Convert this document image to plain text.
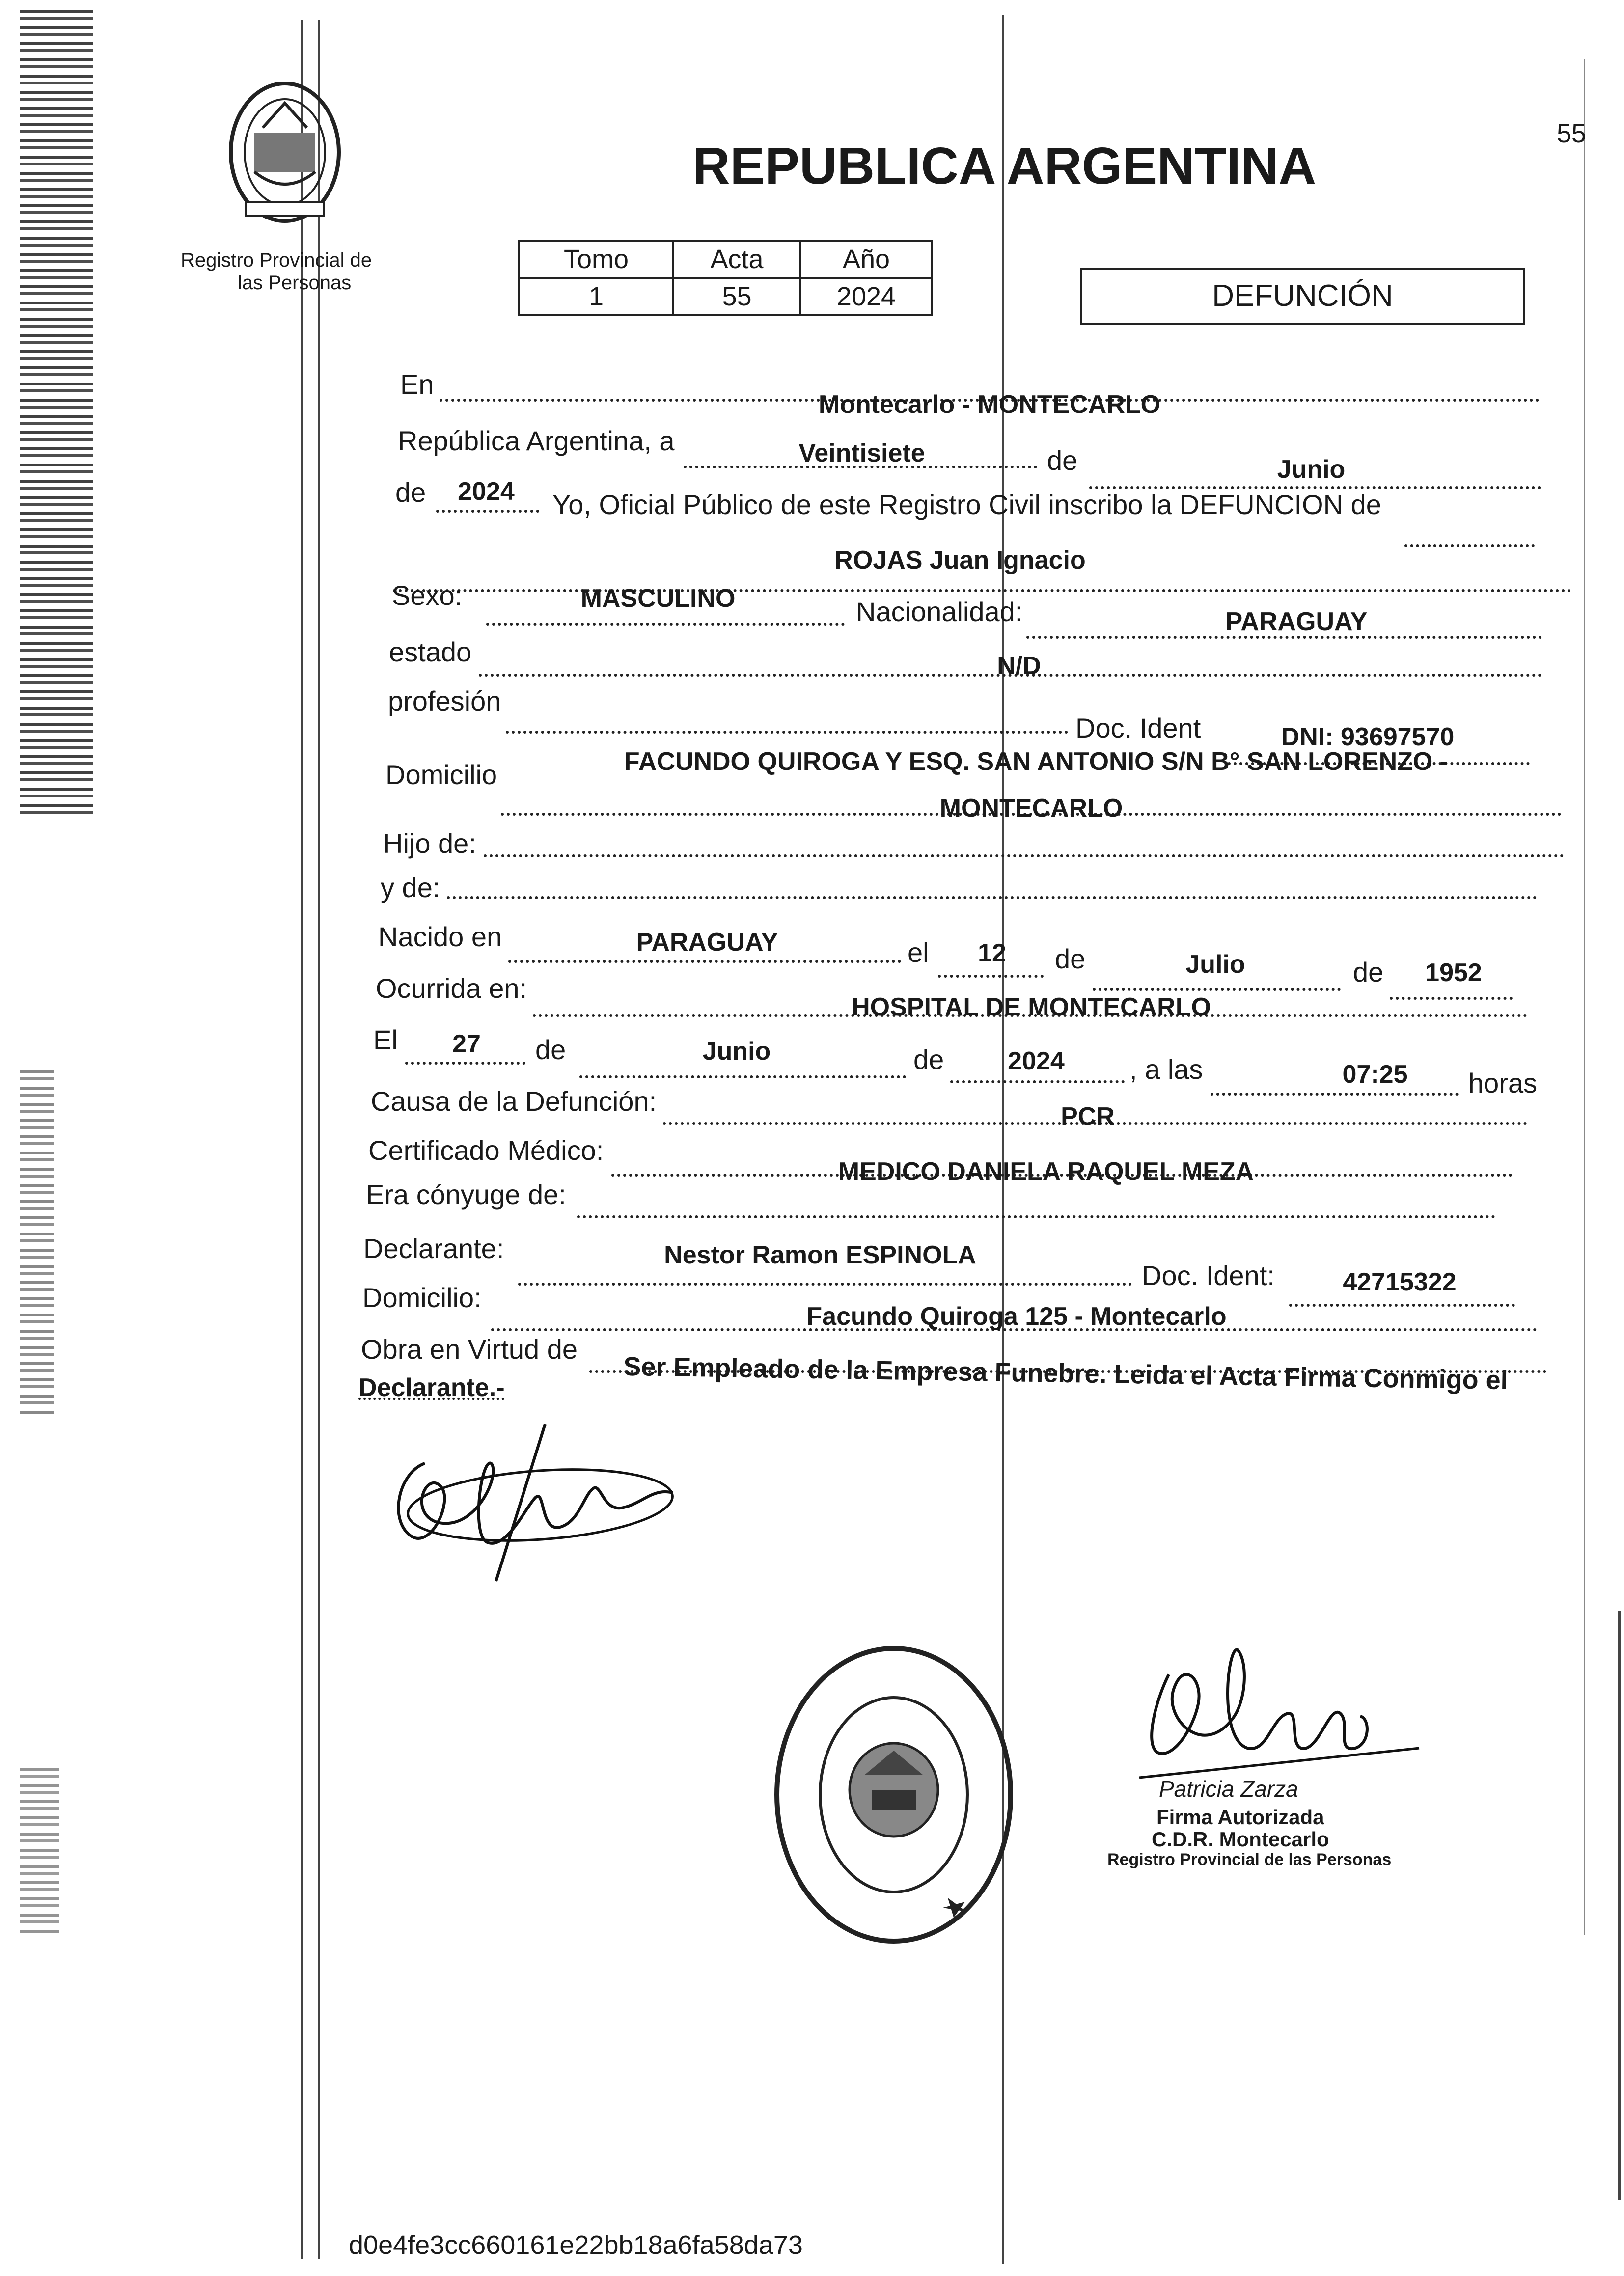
55
Registro Provincial de
las Personas
REPUBLICA ARGENTINA
Tomo	Acta	Año
1	55	2024	DEFUNCIÓN
En
Montecarlo - MONTECARLO
República Argentina, a	Veintisiete	de	Junio
de 2024 Yo, Oficial Público de este Registro Civil inscribo la DEFUNCION de
ROJAS Juan Ignacio
Sexo:	MASCULINO	Nacionalidad:	PARAGUAY
estado	N/D
profesión
Doc. Ident	DNI: 93697570
Domicilio	FACUNDO QUIROGA Y ESQ. SAN ANTONIO S/N B° SAN LORENZO -
MONTECARLO
Hijo de:
y de:
Nacido en	PARAGUAY	el 12 de	Julio	de 1952
Ocurrida en:
HOSPITAL DE MONTECARLO
El 27 de	Junio	de 2024 , a las	07:25 horas
Causa de la Defunción:	PCR
Certificado Médico:
MEDICO DANIELA RAQUEL MEZA
Era cónyuge de:
Declarante:	Nestor Ramon ESPINOLA
Doc. Ident:	42715322
Domicilio:
Facundo Quiroga 125 - Montecarlo
Obra en Virtud de
Ser Empleado de la Empresa Funebre. Leida el Acta Firma Conmigo el
Declarante.-
Patricia Zarza
Firma Autorizada
C.D.R. Montecarlo
Registro Provincial de las Personas
d0e4fe3cc660161e22bb18a6fa58da73
